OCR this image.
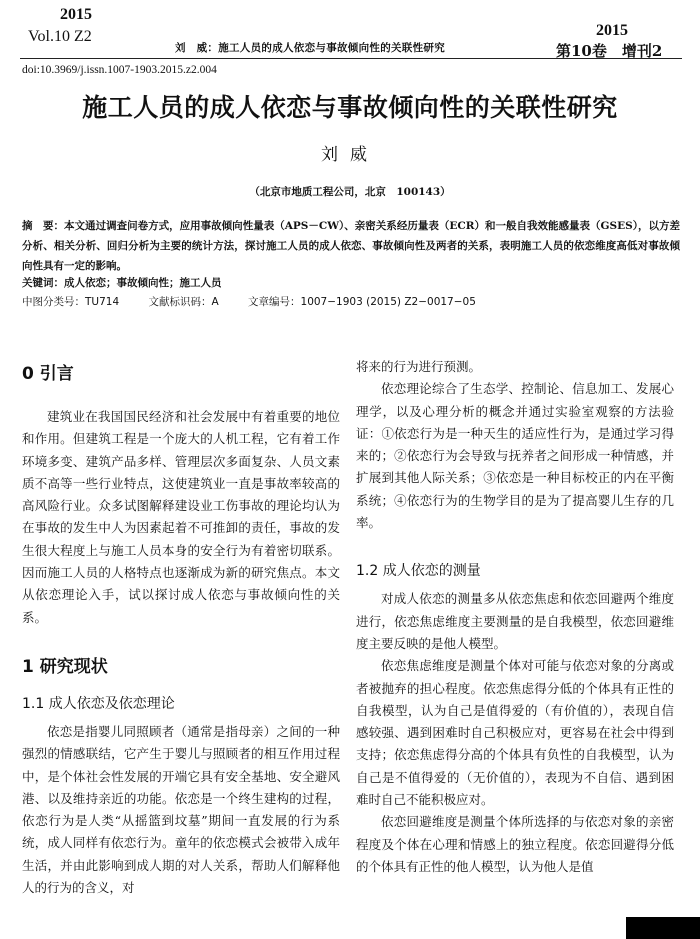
2015
Vol.10 Z2
刘　威：施工人员的成人依恋与事故倾向性的关联性研究
2015
第10卷　增刊2
doi:10.3969/j.issn.1007-1903.2015.z2.004
施工人员的成人依恋与事故倾向性的关联性研究
刘威
（北京市地质工程公司，北京　100143）
摘　要：本文通过调查问卷方式，应用事故倾向性量表（APS－CW）、亲密关系经历量表（ECR）和一般自我效能感量表（GSES），以方差分析、相关分析、回归分析为主要的统计方法，探讨施工人员的成人依恋、事故倾向性及两者的关系，表明施工人员的依恋维度高低对事故倾向性具有一定的影响。
关键词：成人依恋；事故倾向性；施工人员
中图分类号：TU714	文献标识码：A	文章编号：1007−1903 (2015) Z2−0017−05
0 引言

建筑业在我国国民经济和社会发展中有着重要的地位和作用。但建筑工程是一个庞大的人机工程，它有着工作环境多变、建筑产品多样、管理层次多面复杂、人员文素质不高等一些行业特点，这使建筑业一直是事故率较高的高风险行业。众多试图解释建设业工伤事故的理论均认为在事故的发生中人为因素起着不可推卸的责任，事故的发生很大程度上与施工人员本身的安全行为有着密切联系。因而施工人员的人格特点也逐渐成为新的研究焦点。本文从依恋理论入手，试以探讨成人依恋与事故倾向性的关系。

1 研究现状
1.1 成人依恋及依恋理论

依恋是指婴儿同照顾者（通常是指母亲）之间的一种强烈的情感联结，它产生于婴儿与照顾者的相互作用过程中，是个体社会性发展的开端它具有安全基地、安全避风港、以及维持亲近的功能。依恋是一个终生建构的过程，依恋行为是人类“从摇篮到坟墓”期间一直发展的行为系统，成人同样有依恋行为。童年的依恋模式会被带入成年生活，并由此影响到成人期的对人关系，帮助人们解释他人的行为的含义，对

将来的行为进行预测。

依恋理论综合了生态学、控制论、信息加工、发展心理学，以及心理分析的概念并通过实验室观察的方法验证：①依恋行为是一种天生的适应性行为，是通过学习得来的；②依恋行为会导致与抚养者之间形成一种情感，并扩展到其他人际关系；③依恋是一种目标校正的内在平衡系统；④依恋行为的生物学目的是为了提高婴儿生存的几率。

1.2 成人依恋的测量

对成人依恋的测量多从依恋焦虑和依恋回避两个维度进行，依恋焦虑维度主要测量的是自我模型，依恋回避维度主要反映的是他人模型。

依恋焦虑维度是测量个体对可能与依恋对象的分离或者被抛弃的担心程度。依恋焦虑得分低的个体具有正性的自我模型，认为自己是值得爱的（有价值的），表现自信感较强、遇到困难时自己积极应对，更容易在社会中得到支持；依恋焦虑得分高的个体具有负性的自我模型，认为自己是不值得爱的（无价值的），表现为不自信、遇到困难时自己不能积极应对。

依恋回避维度是测量个体所选择的与依恋对象的亲密程度及个体在心理和情感上的独立程度。依恋回避得分低的个体具有正性的他人模型，认为他人是值
